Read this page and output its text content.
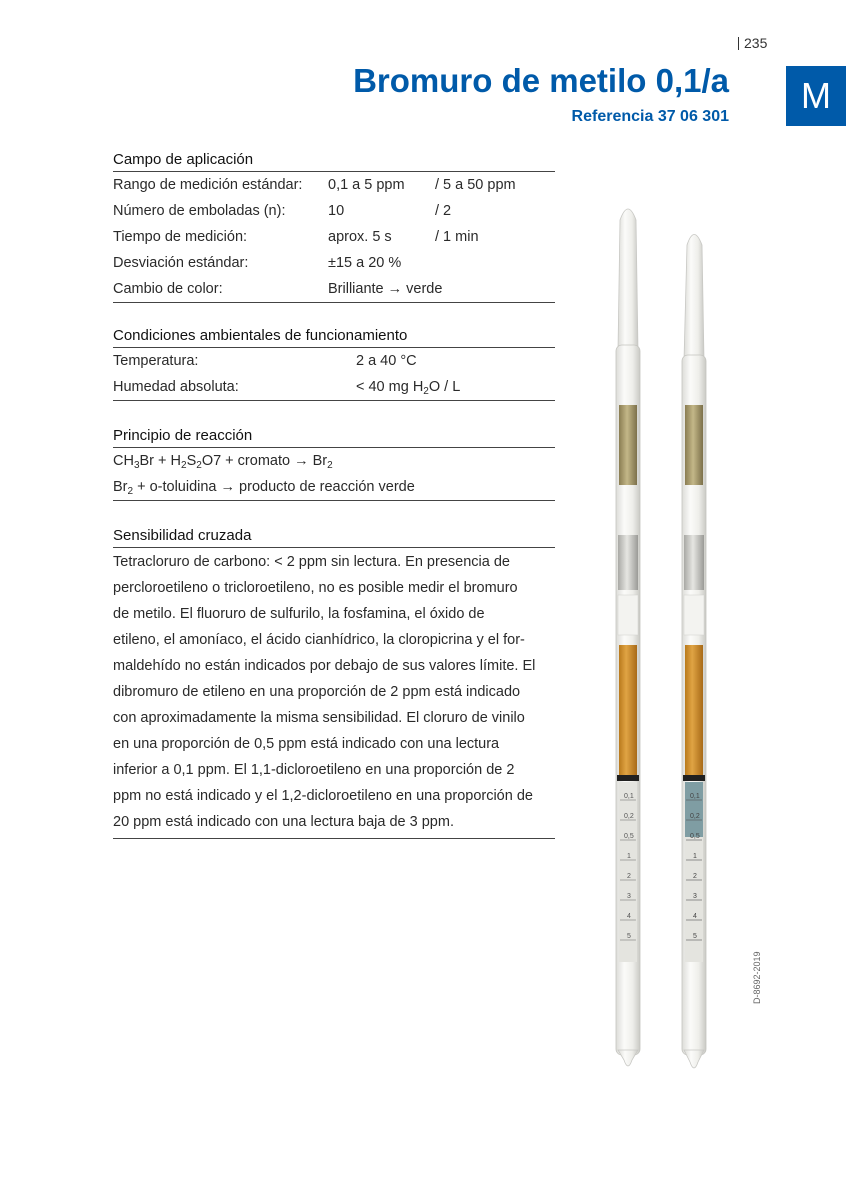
235
M
Bromuro de metilo 0,1/a
Referencia 37 06 301
Campo de aplicación
Rango de medición estándar:	0,1 a 5 ppm	/ 5 a 50 ppm
Número de emboladas (n):	10	/ 2
Tiempo de medición:	aprox. 5 s	/ 1 min
Desviación estándar:	±15 a 20 %
Cambio de color:	Brilliante → verde
Condiciones ambientales de funcionamiento
Temperatura:	2 a 40 °C
Humedad absoluta:	< 40 mg $H_2O$ / L
Principio de reacción
$CH_3Br + H_2S_2O7$ + cromato → $Br_2$
$Br_2$ + o-toluidina → producto de reacción verde
Sensibilidad cruzada
Tetracloruro de carbono: < 2 ppm sin lectura. En presencia de
percloroetileno o tricloroetileno, no es posible medir el bromuro
de metilo. El fluoruro de sulfurilo, la fosfamina, el óxido de
etileno, el amoníaco, el ácido cianhídrico, la cloropicrina y el for-
maldehído no están indicados por debajo de sus valores límite. El
dibromuro de etileno en una proporción de 2 ppm está indicado
con aproximadamente la misma sensibilidad. El cloruro de vinilo
en una proporción de 0,5 ppm está indicado con una lectura
inferior a 0,1 ppm. El 1,1-dicloroetileno en una proporción de 2
ppm no está indicado y el 1,2-dicloroetileno en una proporción de
20 ppm está indicado con una lectura baja de 3 ppm.
0,1
0,2
0,5
1
2
3
4
5
0,1
0,2
0,5
1
2
3
4
5
D-8692-2019
